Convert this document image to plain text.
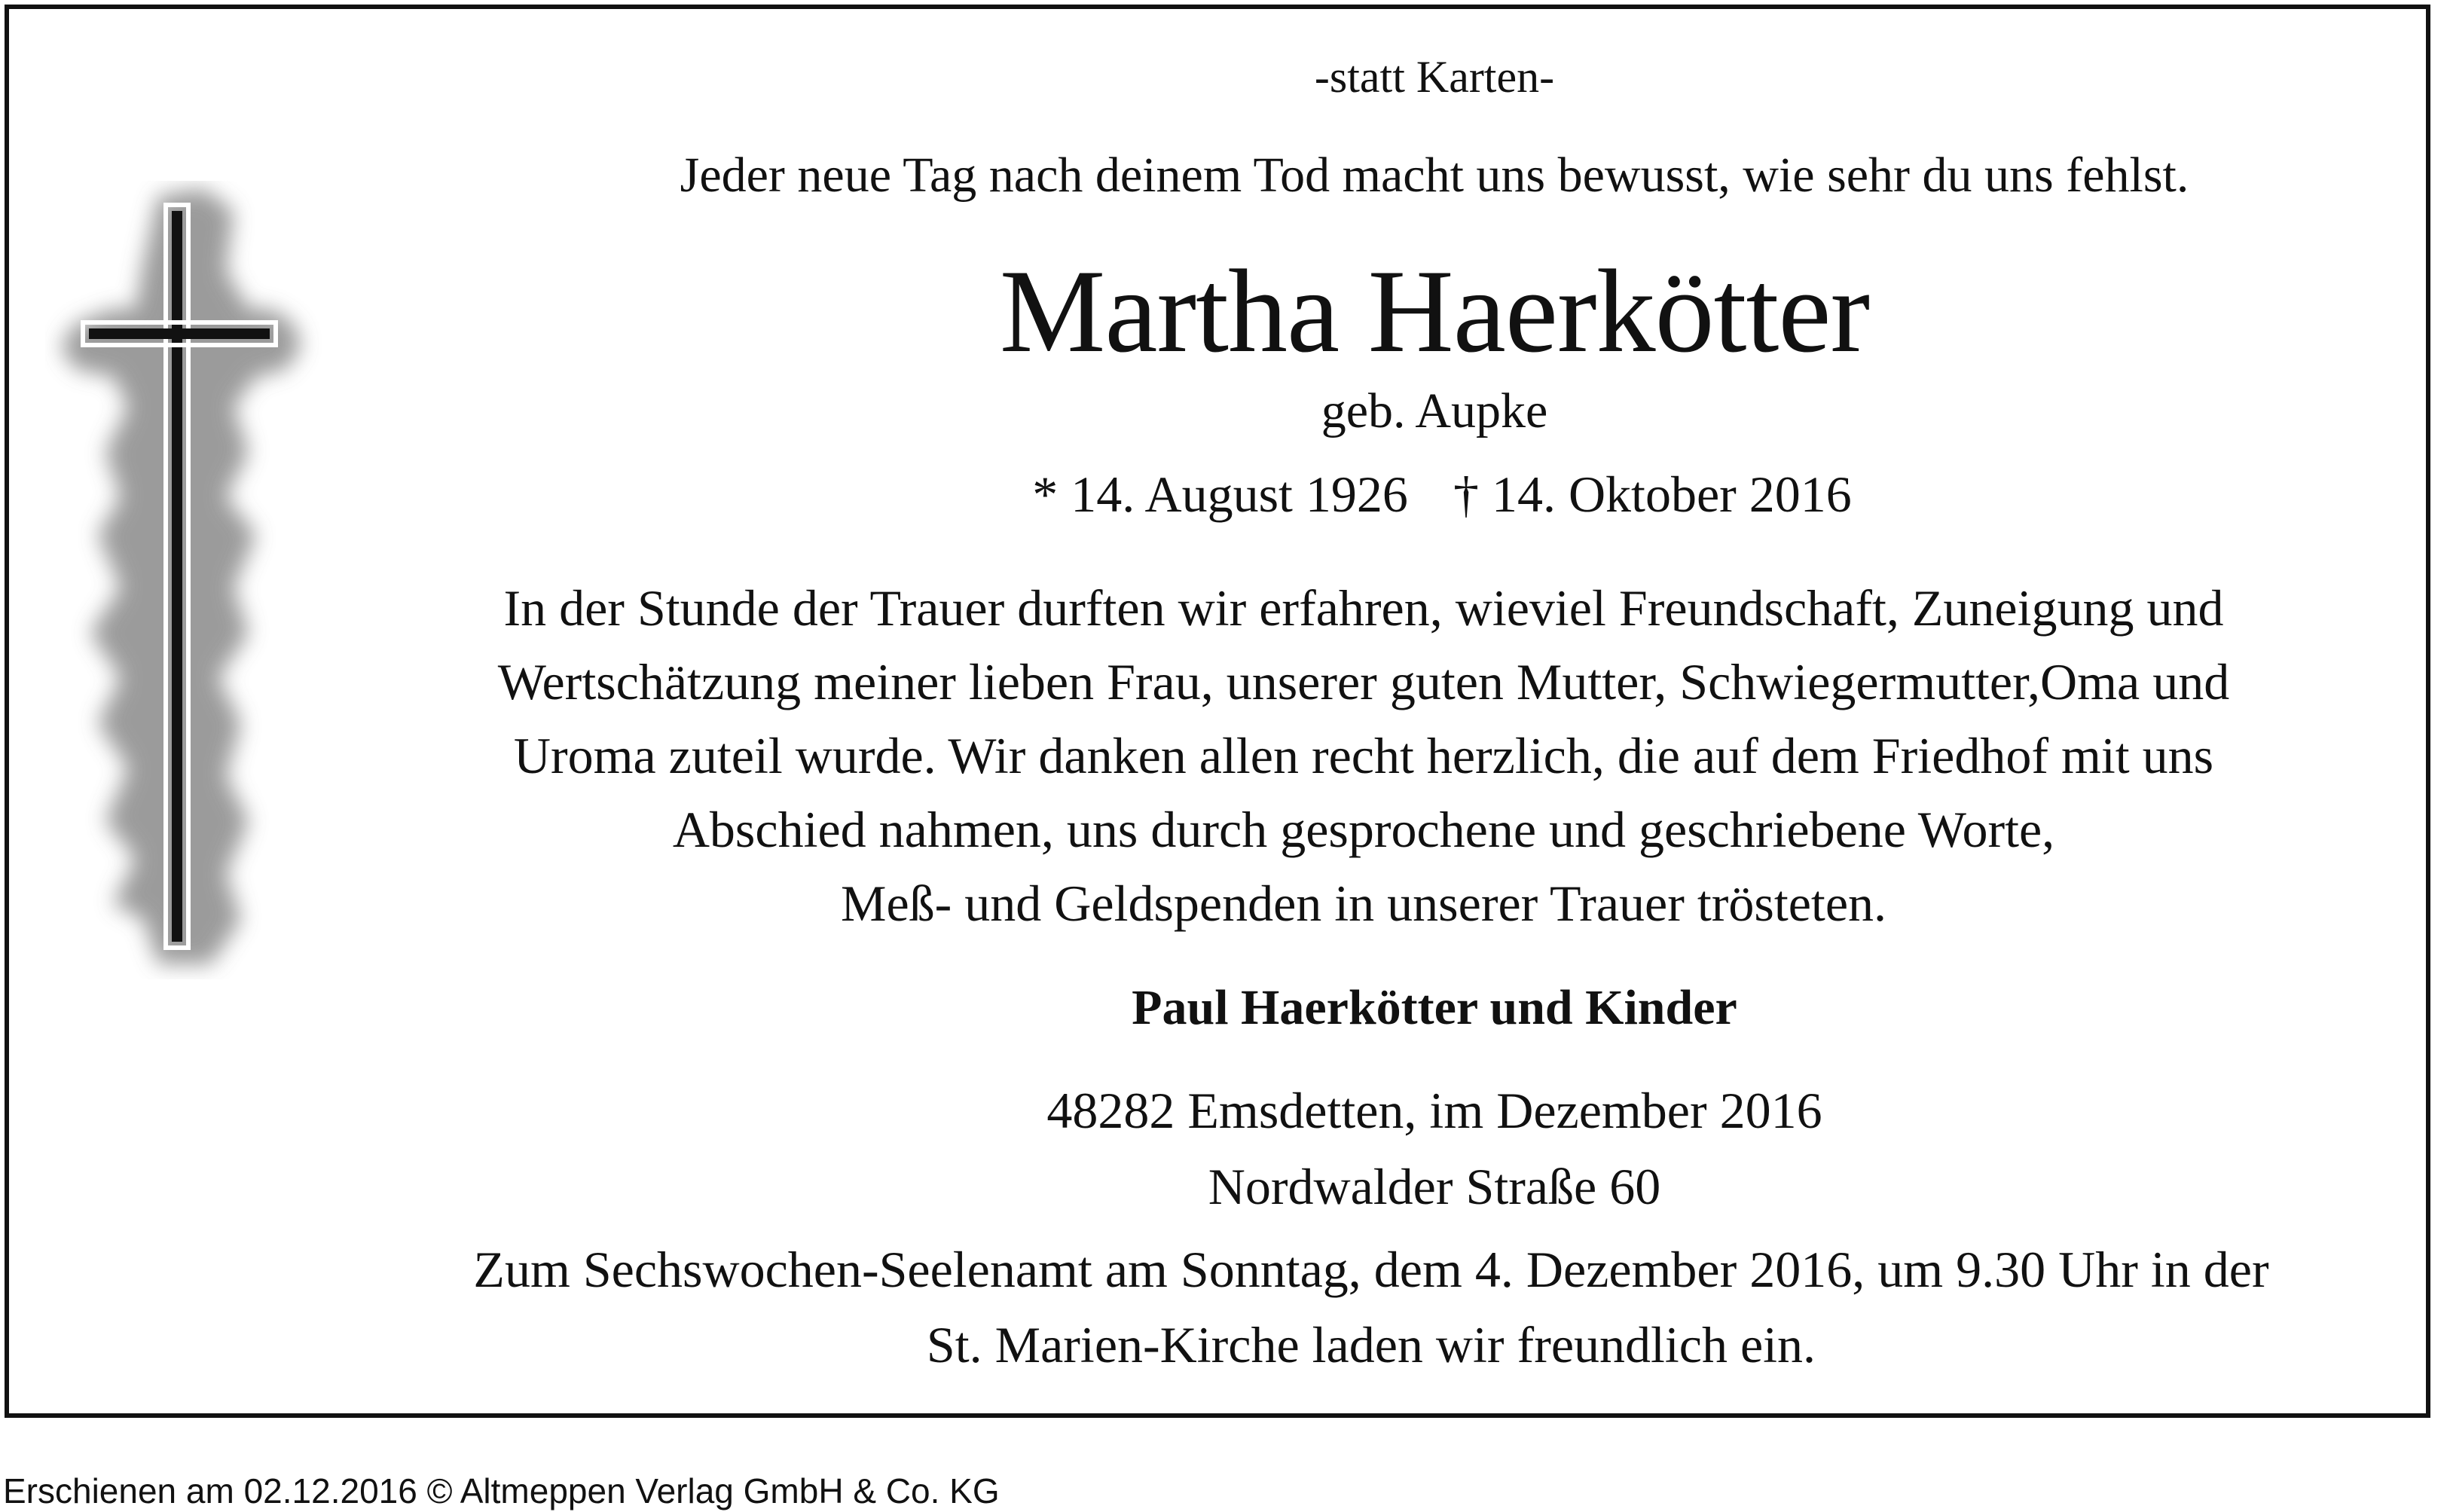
-statt Karten-
Jeder neue Tag nach deinem Tod macht uns bewusst, wie sehr du uns fehlst.
Martha Haerkötter
geb. Aupke
* 14. August 1926 † 14. Oktober 2016
In der Stunde der Trauer durften wir erfahren, wieviel Freundschaft, Zuneigung und
Wertschätzung meiner lieben Frau, unserer guten Mutter, Schwiegermutter,Oma und
Uroma zuteil wurde. Wir danken allen recht herzlich, die auf dem Friedhof mit uns
Abschied nahmen, uns durch gesprochene und geschriebene Worte,
Meß- und Geldspenden in unserer Trauer trösteten.
Paul Haerkötter und Kinder
48282 Emsdetten, im Dezember 2016
Nordwalder Straße 60
Zum Sechswochen-Seelenamt am Sonntag, dem 4. Dezember 2016, um 9.30 Uhr in der
St. Marien-Kirche laden wir freundlich ein.
Erschienen am 02.12.2016 © Altmeppen Verlag GmbH & Co. KG
